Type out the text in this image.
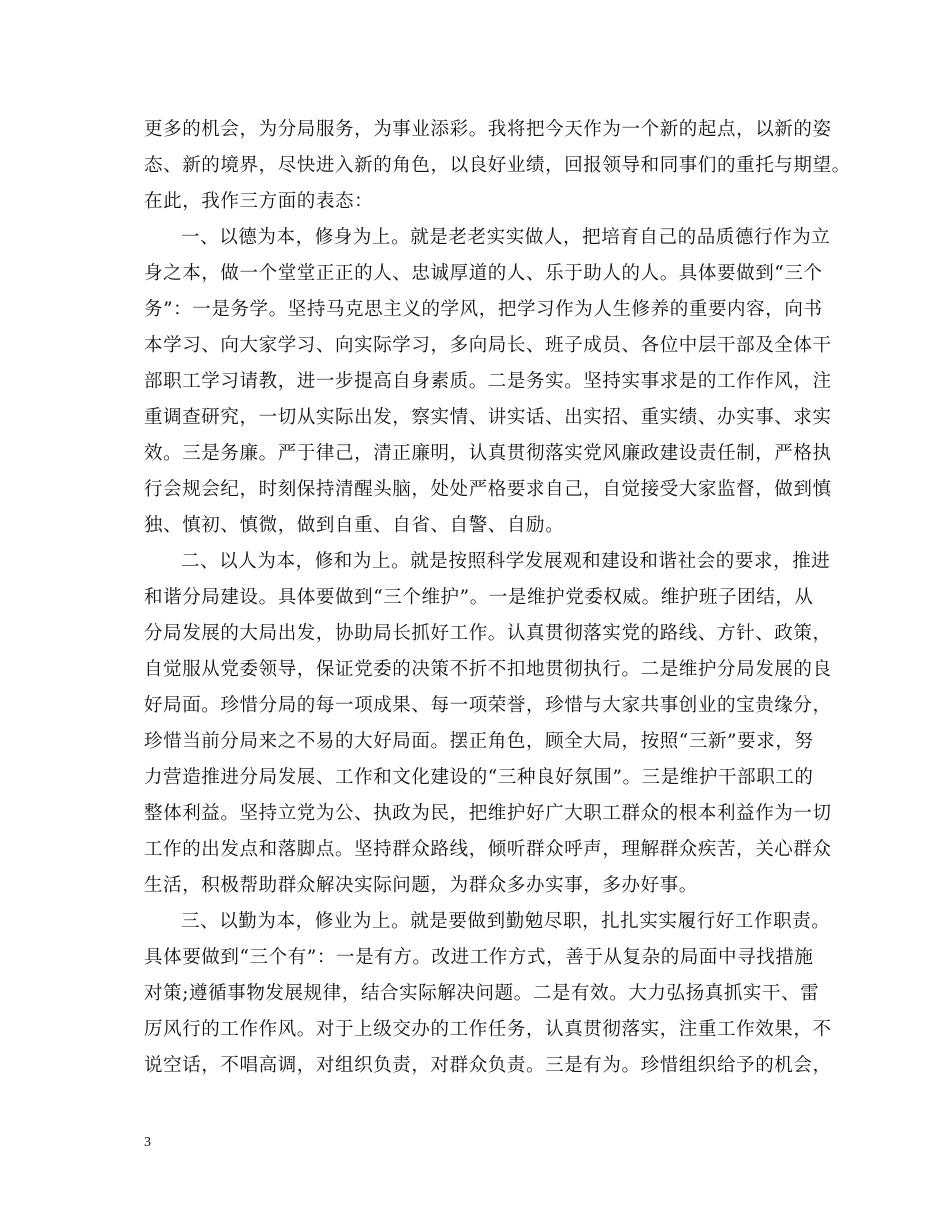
更多的机会，为分局服务，为事业添彩。我将把今天作为一个新的起点，以新的姿
态、新的境界，尽快进入新的角色，以良好业绩，回报领导和同事们的重托与期望。
在此，我作三方面的表态：
一、以德为本，修身为上。就是老老实实做人，把培育自己的品质德行作为立
身之本，做一个堂堂正正的人、忠诚厚道的人、乐于助人的人。具体要做到“三个
务”：一是务学。坚持马克思主义的学风，把学习作为人生修养的重要内容，向书
本学习、向大家学习、向实际学习，多向局长、班子成员、各位中层干部及全体干
部职工学习请教，进一步提高自身素质。二是务实。坚持实事求是的工作作风，注
重调查研究，一切从实际出发，察实情、讲实话、出实招、重实绩、办实事、求实
效。三是务廉。严于律己，清正廉明，认真贯彻落实党风廉政建设责任制，严格执
行会规会纪，时刻保持清醒头脑，处处严格要求自己，自觉接受大家监督，做到慎
独、慎初、慎微，做到自重、自省、自警、自励。
二、以人为本，修和为上。就是按照科学发展观和建设和谐社会的要求，推进
和谐分局建设。具体要做到“三个维护”。一是维护党委权威。维护班子团结，从
分局发展的大局出发，协助局长抓好工作。认真贯彻落实党的路线、方针、政策，
自觉服从党委领导，保证党委的决策不折不扣地贯彻执行。二是维护分局发展的良
好局面。珍惜分局的每一项成果、每一项荣誉，珍惜与大家共事创业的宝贵缘分，
珍惜当前分局来之不易的大好局面。摆正角色，顾全大局，按照“三新”要求，努
力营造推进分局发展、工作和文化建设的“三种良好氛围”。三是维护干部职工的
整体利益。坚持立党为公、执政为民，把维护好广大职工群众的根本利益作为一切
工作的出发点和落脚点。坚持群众路线，倾听群众呼声，理解群众疾苦，关心群众
生活，积极帮助群众解决实际问题，为群众多办实事，多办好事。
三、以勤为本，修业为上。就是要做到勤勉尽职，扎扎实实履行好工作职责。
具体要做到“三个有”：一是有方。改进工作方式，善于从复杂的局面中寻找措施
对策;遵循事物发展规律，结合实际解决问题。二是有效。大力弘扬真抓实干、雷
厉风行的工作作风。对于上级交办的工作任务，认真贯彻落实，注重工作效果，不
说空话，不唱高调，对组织负责，对群众负责。三是有为。珍惜组织给予的机会，
3
